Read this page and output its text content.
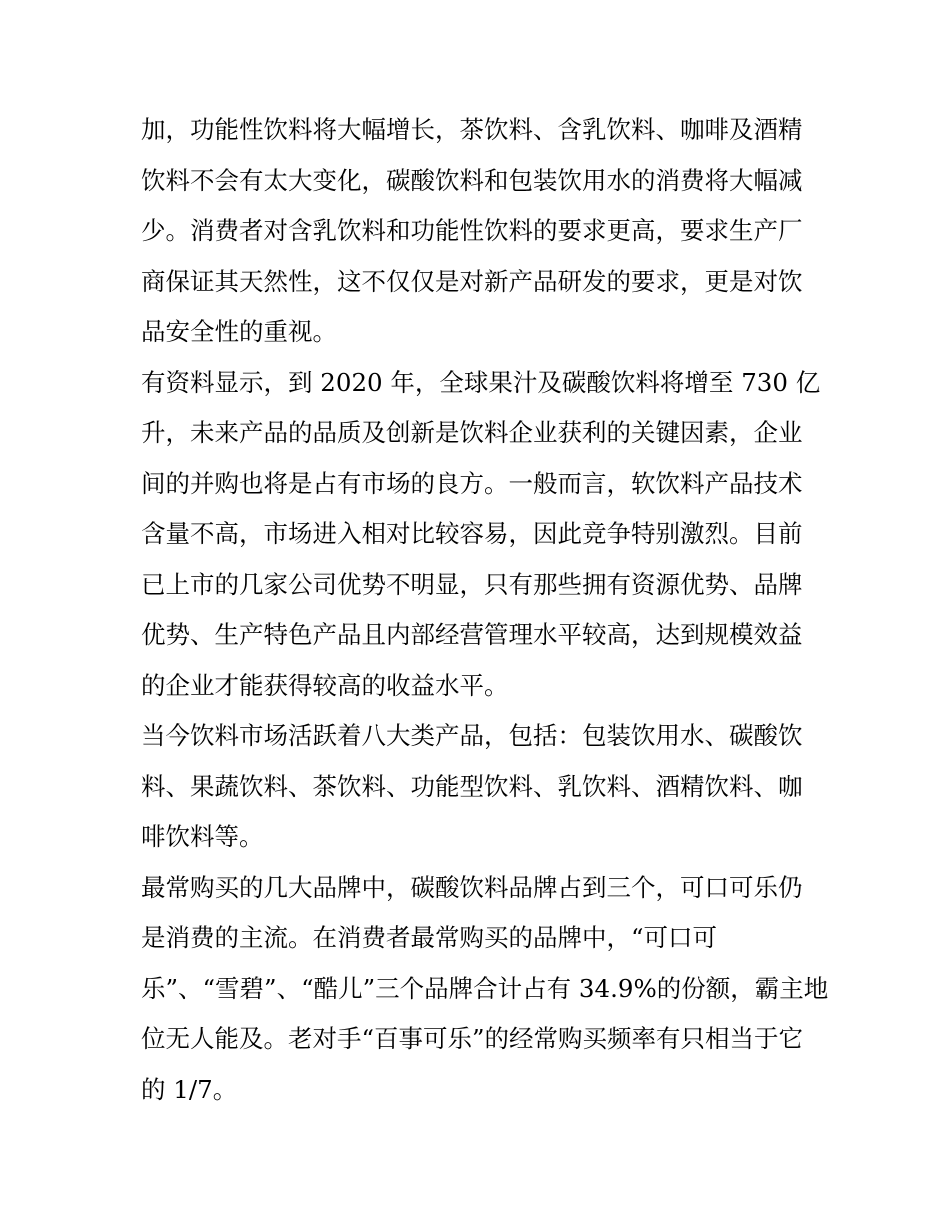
加，功能性饮料将大幅增长，茶饮料、含乳饮料、咖啡及酒精
饮料不会有太大变化，碳酸饮料和包装饮用水的消费将大幅减
少。消费者对含乳饮料和功能性饮料的要求更高，要求生产厂
商保证其天然性，这不仅仅是对新产品研发的要求，更是对饮
品安全性的重视。
有资料显示，到 2020 年，全球果汁及碳酸饮料将增至 730 亿
升，未来产品的品质及创新是饮料企业获利的关键因素，企业
间的并购也将是占有市场的良方。一般而言，软饮料产品技术
含量不高，市场进入相对比较容易，因此竞争特别激烈。目前
已上市的几家公司优势不明显，只有那些拥有资源优势、品牌
优势、生产特色产品且内部经营管理水平较高，达到规模效益
的企业才能获得较高的收益水平。
当今饮料市场活跃着八大类产品，包括：包装饮用水、碳酸饮
料、果蔬饮料、茶饮料、功能型饮料、乳饮料、酒精饮料、咖
啡饮料等。
最常购买的几大品牌中，碳酸饮料品牌占到三个，可口可乐仍
是消费的主流。在消费者最常购买的品牌中，“可口可
乐”、“雪碧”、“酷儿”三个品牌合计占有 34.9%的份额，霸主地
位无人能及。老对手“百事可乐”的经常购买频率有只相当于它
的 1/7。
